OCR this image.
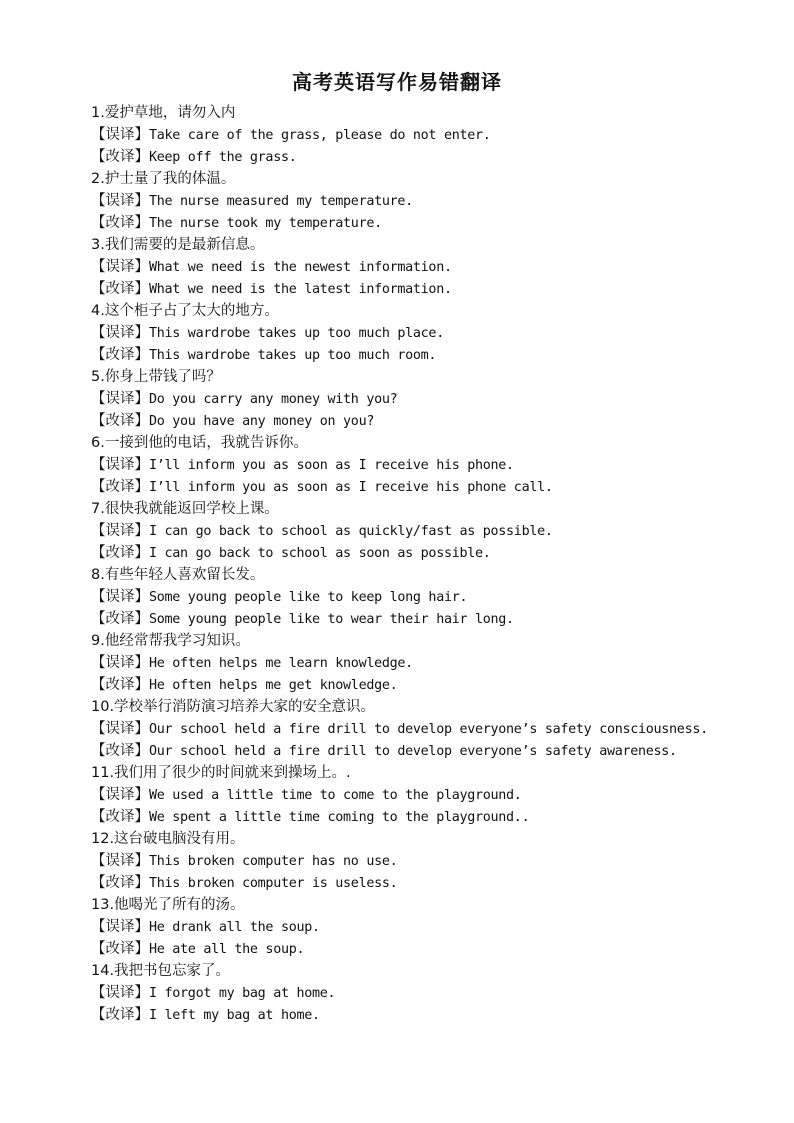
高考英语写作易错翻译
1.爱护草地，请勿入内
【误译】Take care of the grass, please do not enter.
【改译】Keep off the grass.
2.护士量了我的体温。
【误译】The nurse measured my temperature.
【改译】The nurse took my temperature.
3.我们需要的是最新信息。
【误译】What we need is the newest information.
【改译】What we need is the latest information.
4.这个柜子占了太大的地方。
【误译】This wardrobe takes up too much place.
【改译】This wardrobe takes up too much room.
5.你身上带钱了吗？
【误译】Do you carry any money with you?
【改译】Do you have any money on you?
6.一接到他的电话，我就告诉你。
【误译】I’ll inform you as soon as I receive his phone.
【改译】I’ll inform you as soon as I receive his phone call.
7.很快我就能返回学校上课。
【误译】I can go back to school as quickly/fast as possible.
【改译】I can go back to school as soon as possible.
8.有些年轻人喜欢留长发。
【误译】Some young people like to keep long hair.
【改译】Some young people like to wear their hair long.
9.他经常帮我学习知识。
【误译】He often helps me learn knowledge.
【改译】He often helps me get knowledge.
10.学校举行消防演习培养大家的安全意识。
【误译】Our school held a fire drill to develop everyone’s safety consciousness.
【改译】Our school held a fire drill to develop everyone’s safety awareness.
11.我们用了很少的时间就来到操场上。.
【误译】We used a little time to come to the playground.
【改译】We spent a little time coming to the playground..
12.这台破电脑没有用。
【误译】This broken computer has no use.
【改译】This broken computer is useless.
13.他喝光了所有的汤。
【误译】He drank all the soup.
【改译】He ate all the soup.
14.我把书包忘家了。
【误译】I forgot my bag at home.
【改译】I left my bag at home.
